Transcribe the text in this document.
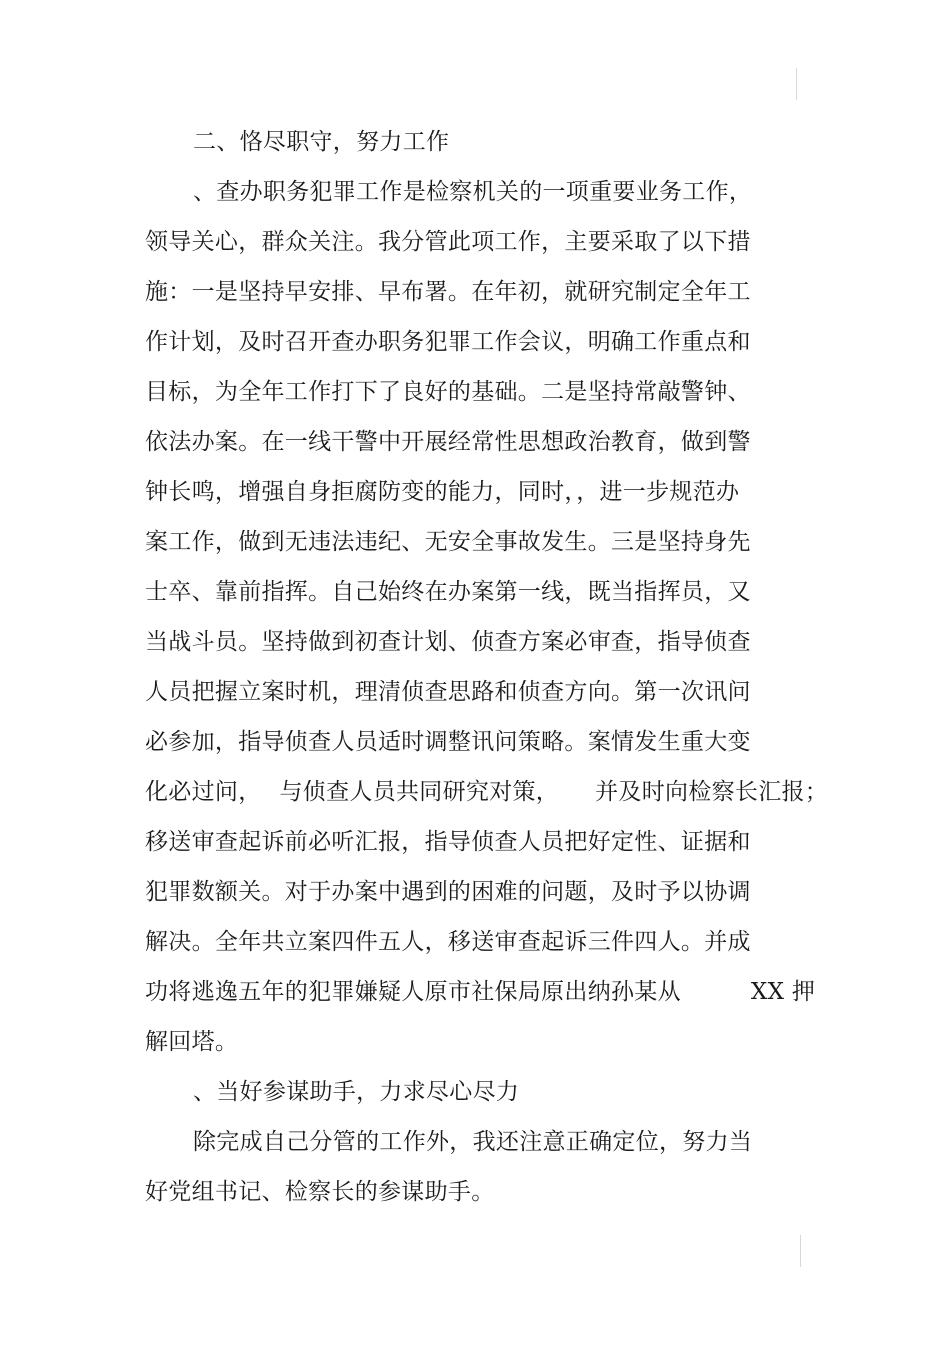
二、恪尽职守，努力工作
、查办职务犯罪工作是检察机关的一项重要业务工作，
领导关心，群众关注。我分管此项工作，主要采取了以下措
施：一是坚持早安排、早布署。在年初，就研究制定全年工
作计划，及时召开查办职务犯罪工作会议，明确工作重点和
目标，为全年工作打下了良好的基础。二是坚持常敲警钟、
依法办案。在一线干警中开展经常性思想政治教育，做到警
钟长鸣，增强自身拒腐防变的能力，同时，，进一步规范办
案工作，做到无违法违纪、无安全事故发生。三是坚持身先
士卒、靠前指挥。自己始终在办案第一线，既当指挥员，又
当战斗员。坚持做到初查计划、侦查方案必审查，指导侦查
人员把握立案时机，理清侦查思路和侦查方向。第一次讯问
必参加，指导侦查人员适时调整讯问策略。案情发生重大变
化必过问， 与侦查人员共同研究对策， 并及时向检察长汇报；
移送审查起诉前必听汇报，指导侦查人员把好定性、证据和
犯罪数额关。对于办案中遇到的困难的问题，及时予以协调
解决。全年共立案四件五人，移送审查起诉三件四人。并成
功将逃逸五年的犯罪嫌疑人原市社保局原出纳孙某从	XX 押
解回塔。
、当好参谋助手，力求尽心尽力
除完成自己分管的工作外，我还注意正确定位，努力当
好党组书记、检察长的参谋助手。
